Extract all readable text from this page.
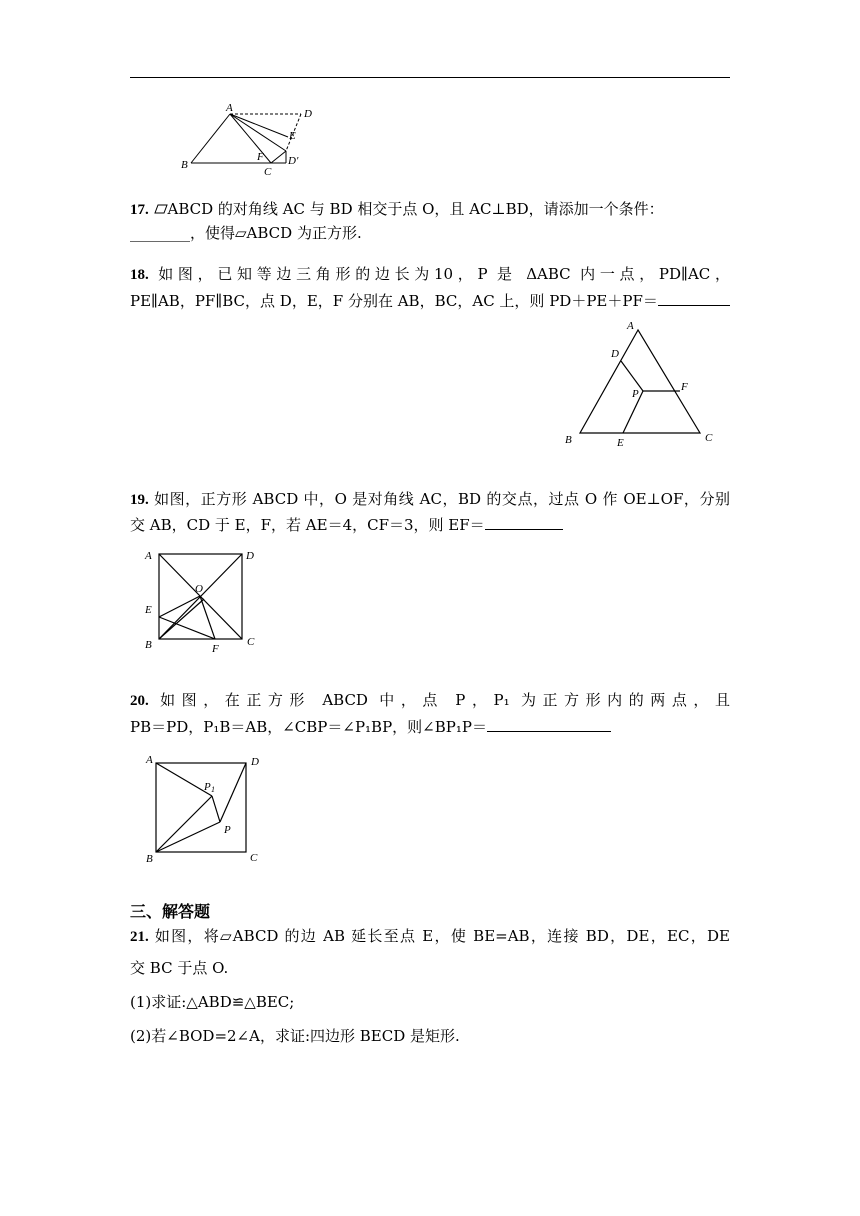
A	D
E
B
F D′
C
17. ABCD 的对角线 AC 与 BD 相交于点 O，且 AC⊥BD，请添加一个条件：
________，使得▱ABCD 为正方形.
18. 如图，已知等边三角形的边长为10，P 是 ΔABC 内一点，PD∥AC，
PE∥AB，PF∥BC，点 D，E，F 分别在 AB，BC，AC 上，则 PD＋PE＋PF＝
A
D
P
F
B	E	C
19. 如图，正方形 ABCD 中，O 是对角线 AC，BD 的交点，过点 O 作 OE⊥OF，分别
交 AB，CD 于 E，F，若 AE＝4，CF＝3，则 EF＝
A	D
O
E
B	F
C
20. 如图，在正方形 ABCD 中，点 P，P₁ 为正方形内的两点，且
PB＝PD，P₁B＝AB，∠CBP＝∠P₁BP，则∠BP₁P＝
A	D
P 1
P
B	C
三、解答题
21. 如图，将▱ABCD 的边 AB 延长至点 E，使 BE=AB，连接 BD，DE，EC，DE
交 BC 于点 O.
(1)求证:△ABD≌△BEC;
(2)若∠BOD=2∠A，求证:四边形 BECD 是矩形.
